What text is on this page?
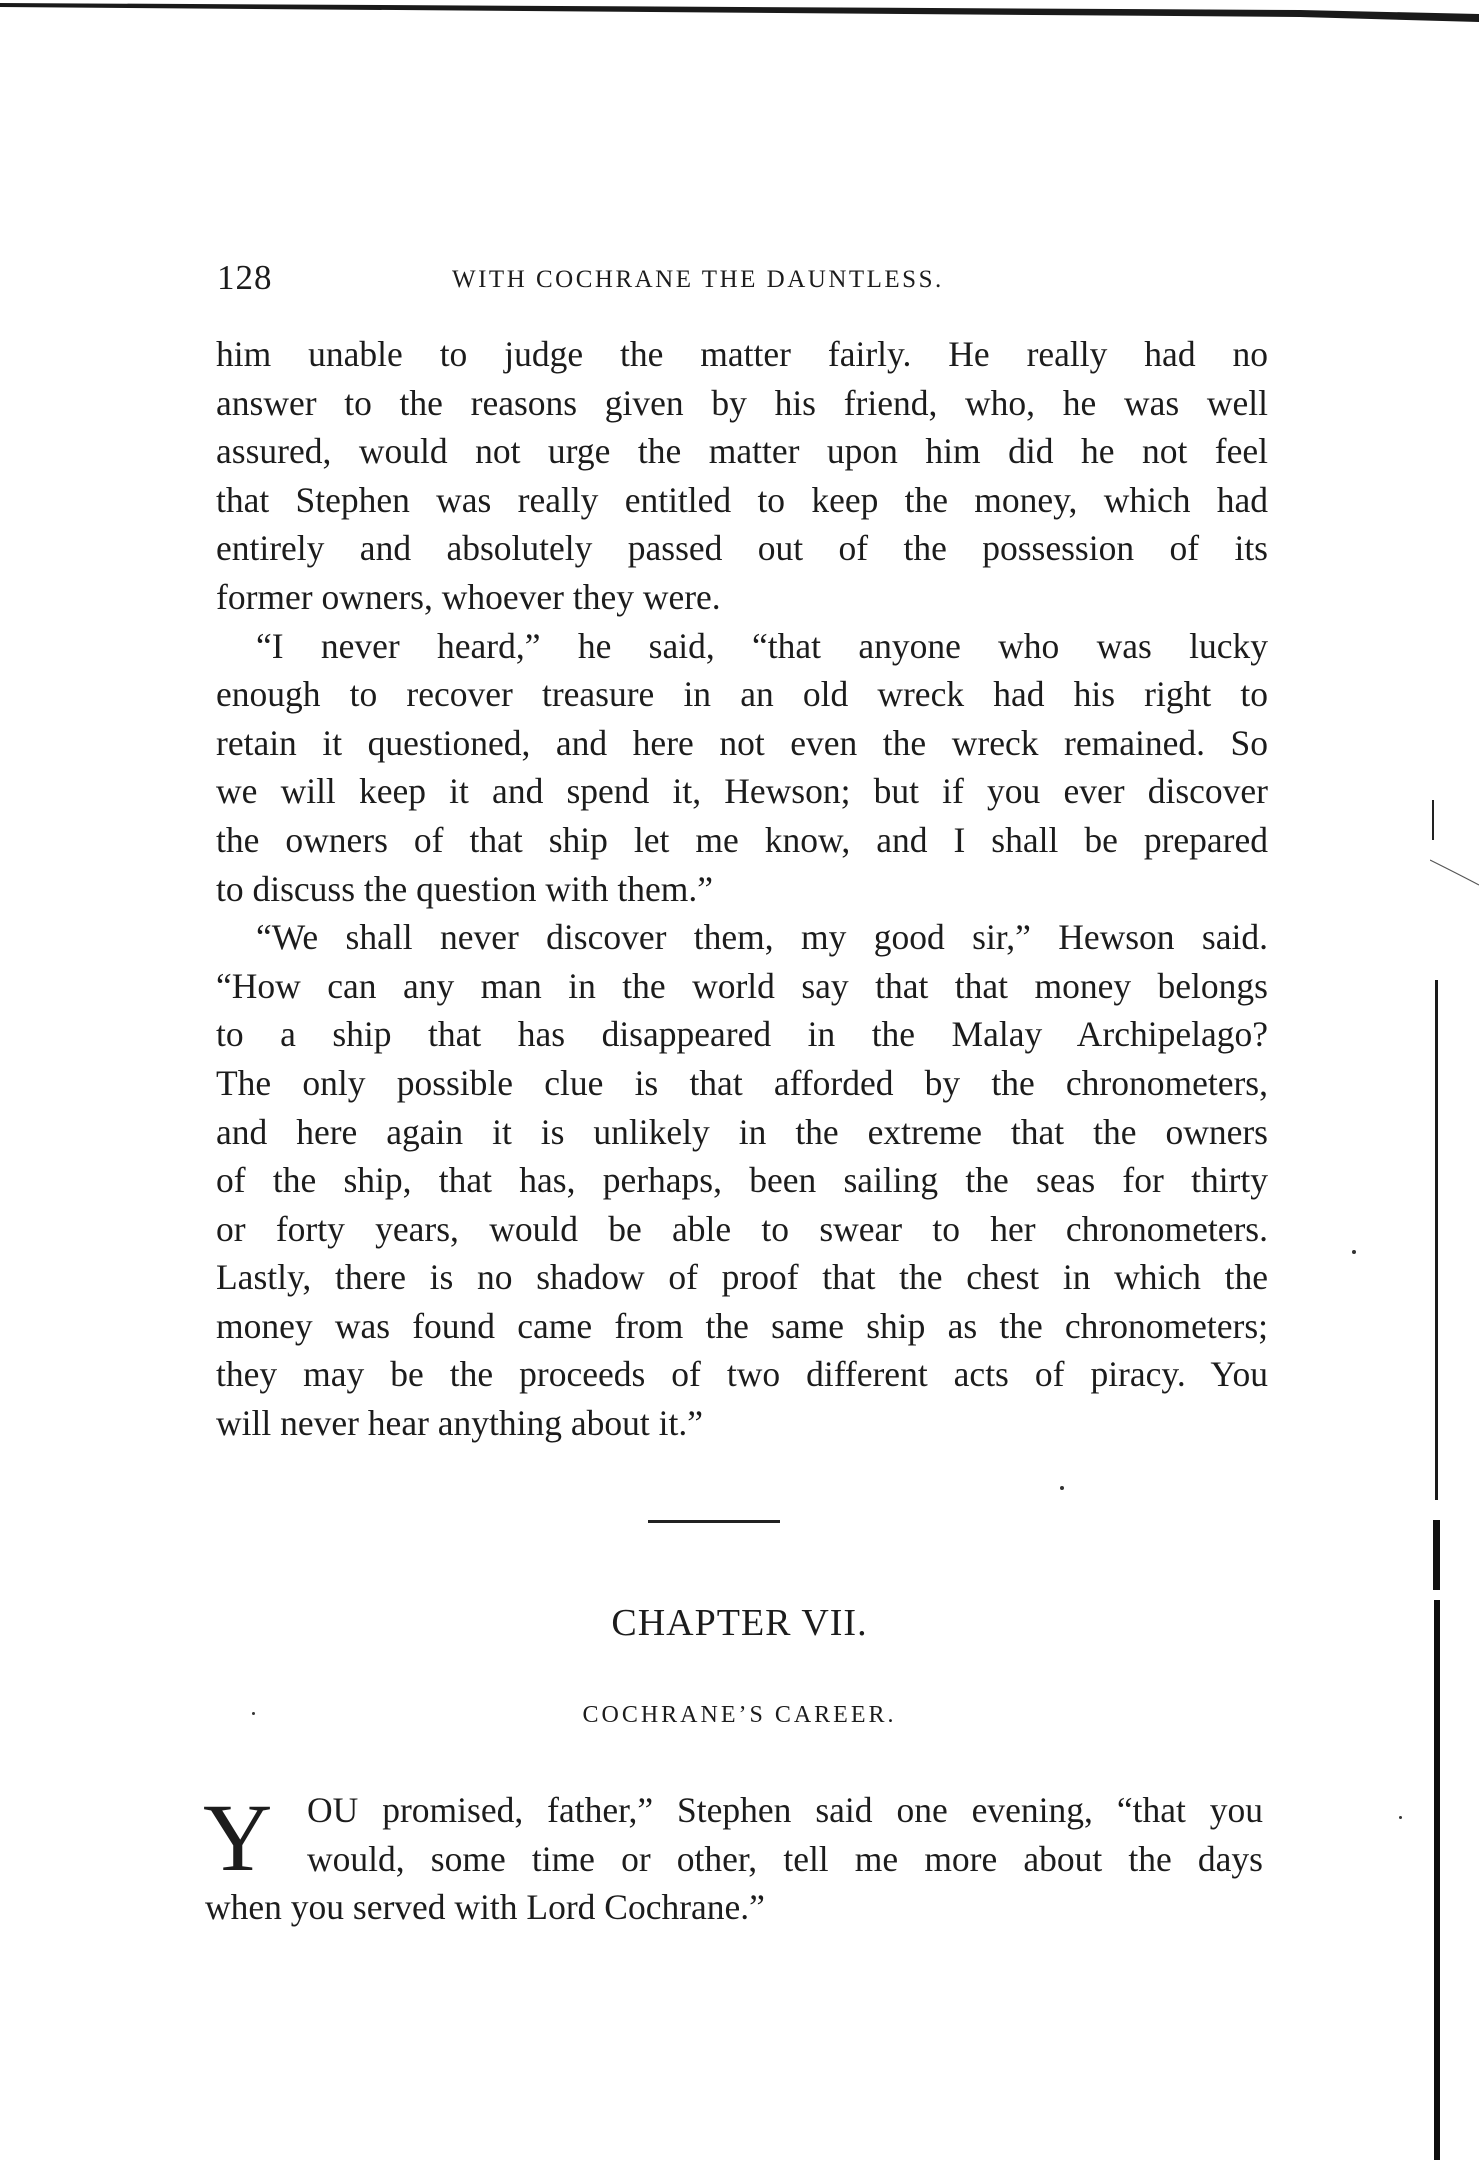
128	WITH COCHRANE THE DAUNTLESS.

him unable to judge the matter fairly. He really had no

answer to the reasons given by his friend, who, he was well

assured, would not urge the matter upon him did he not feel

that Stephen was really entitled to keep the money, which had

entirely and absolutely passed out of the possession of its

former owners, whoever they were.

“I never heard,” he said, “that anyone who was lucky

enough to recover treasure in an old wreck had his right to

retain it questioned, and here not even the wreck remained. So

we will keep it and spend it, Hewson; but if you ever discover

the owners of that ship let me know, and I shall be prepared

to discuss the question with them.”

“We shall never discover them, my good sir,” Hewson said.

“How can any man in the world say that that money belongs

to a ship that has disappeared in the Malay Archipelago?

The only possible clue is that afforded by the chronometers,

and here again it is unlikely in the extreme that the owners

of the ship, that has, perhaps, been sailing the seas for thirty

or forty years, would be able to swear to her chronometers.

Lastly, there is no shadow of proof that the chest in which the

money was found came from the same ship as the chronometers;

they may be the proceeds of two different acts of piracy. You

will never hear anything about it.”

CHAPTER VII.
COCHRANE’S CAREER.
Y OU promised, father,” Stephen said one evening, “that you

would, some time or other, tell me more about the days

when you served with Lord Cochrane.”
